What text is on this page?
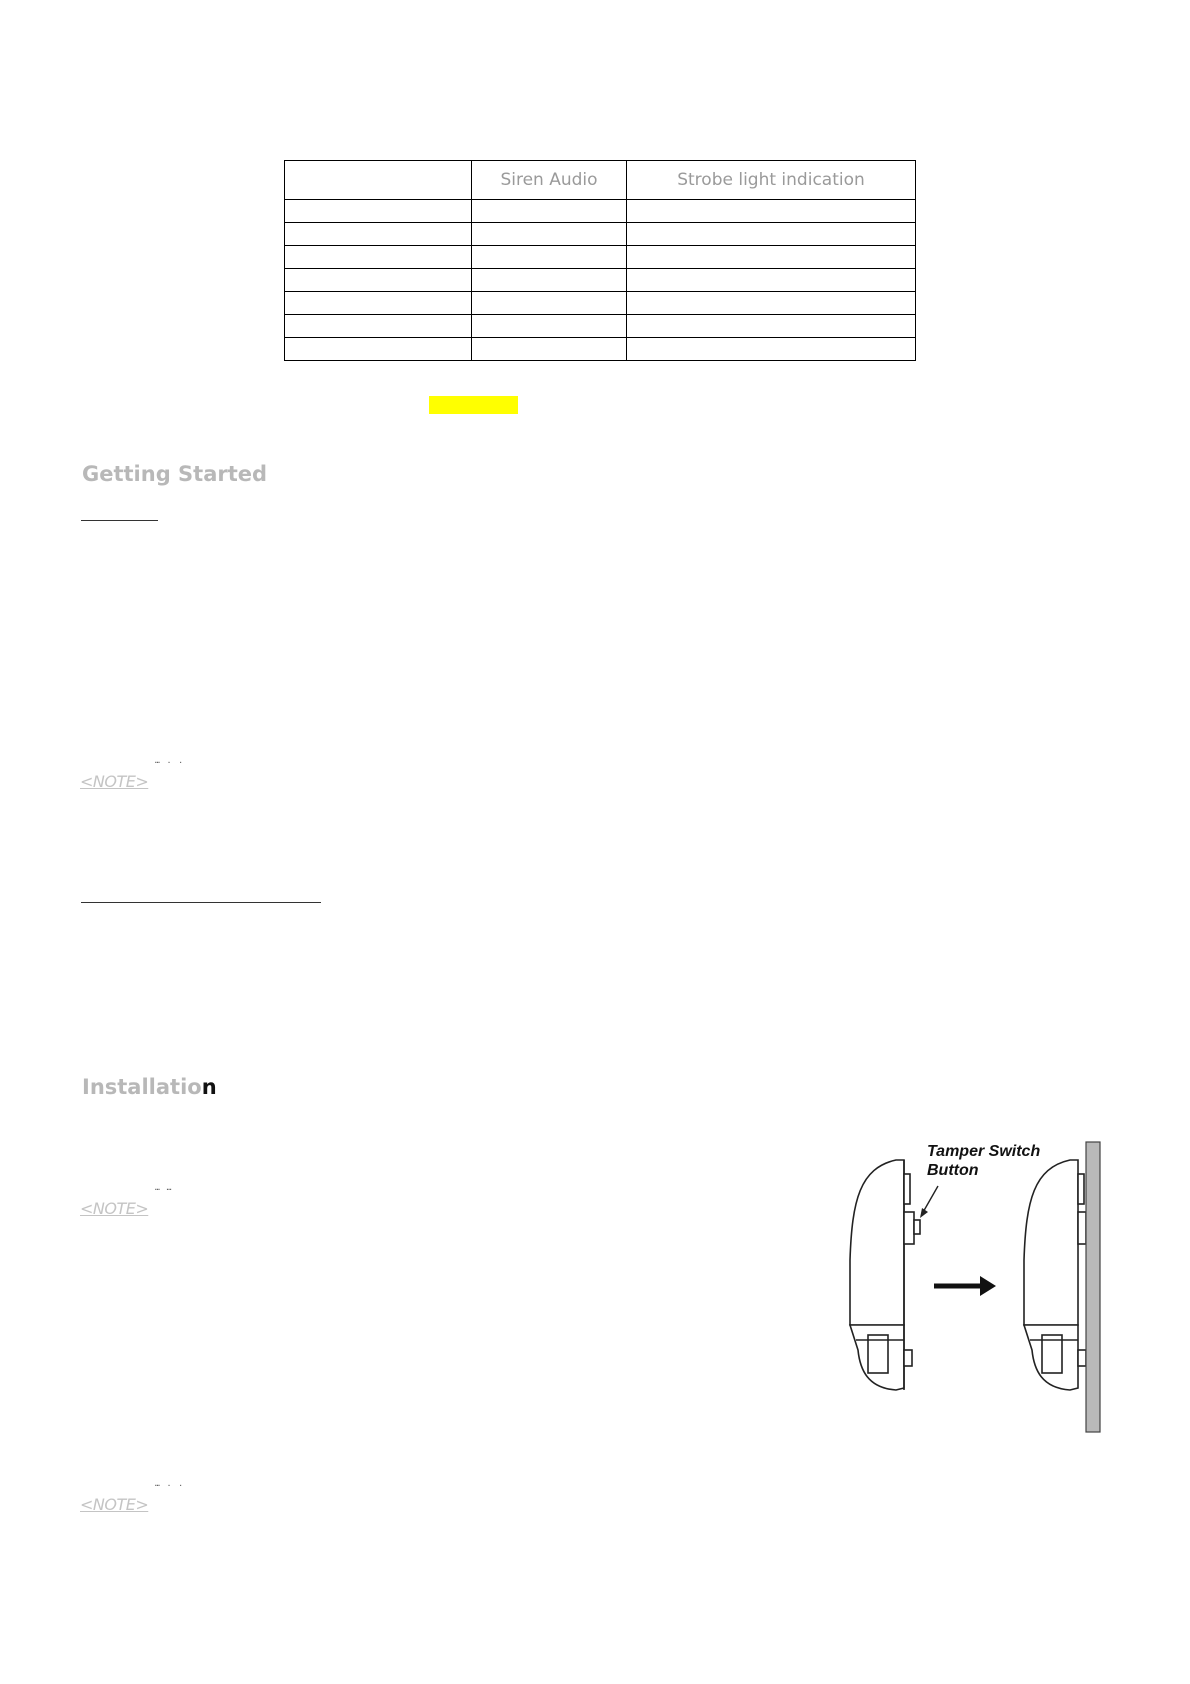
	Siren Audio	Strobe light indication

Getting Started
… . .
<NOTE>
Installation
… …
<NOTE>
… . .
<NOTE>
Tamper Switch
Button
